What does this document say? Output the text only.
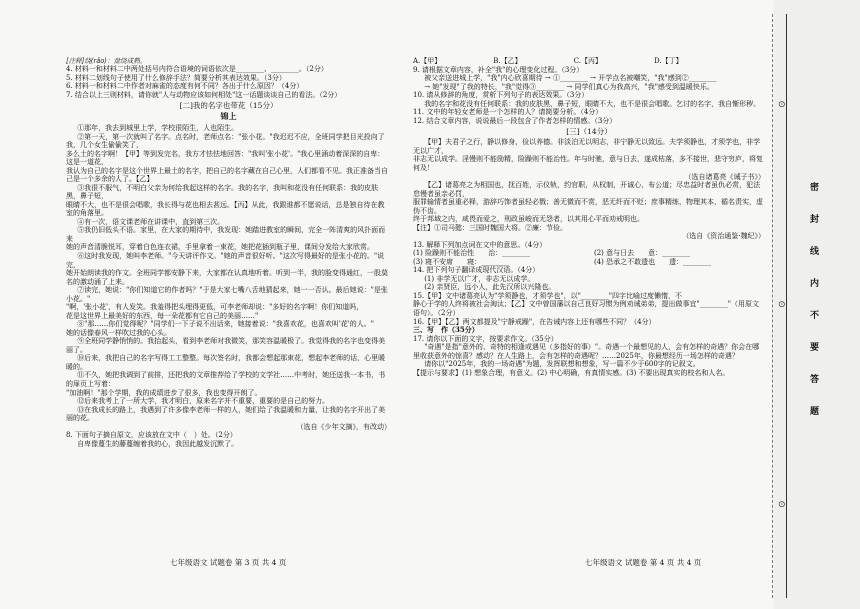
[注释]绕(rǎo)：盘绕成熟。

4. 材料一和材料二中两处括号内符合语境的词语依次是________、________。（2分）

5. 材料二划线句子使用了什么修辞手法？简要分析其表达效果。（3分）

6. 材料一和材料二中作者对麻雀的态度有何不同？各出于什么原因？（4分）

7. 结合以上三则材料，请你就"人与动物应该如何相处"这一话题谈谈自己的看法。（2分）

[二]我的名字也带花（15分）

锦上

①那年，我去到城里上学，学校很陌生，人也陌生。

②第一天，第一次就叫了名字。点名时，老师点名："张小花。"我迟迟不应，全班同学把目光投向了我，几个女生偷偷笑了，

多么土的名字啊！【甲】等到发完名，我方才怯怯地回答："我叫'张小花'。"我心里涌动着深深的自卑：这是一道花，

我认为自己的名字是这个世界上最土的名字，把自己的名字藏在自己心里，人们都看不见。我正准备当自己是一个多余的人了。【乙】

③我很不服气，不明白父亲为何给我起这样的名字。我的名字，我叫和花没有任何联系：我的皮肤黑，鼻子短，

眼睛不大，也不是很会唱歌，我长得与花也相去甚远。【丙】从此，我跟谁都不愿说话，总是独自待在教室的角落里。

④有一次，语文课老师在讲课中，直到第三次。

⑤我仍旧低头不语。家里，在大家的期待中，我发现：她踏进教室的瞬间，完全一阵清爽的风扑面而来

她的声音清脆悦耳，穿着白色连衣裙，手里拿着一束花，她把花插到瓶子里，课间分发给大家欣赏。

⑥这时我发现，她叫李老师。"今天讲评作文。"她的声音很好听。"这次写得最好的是张小花的。"说完，

她开始朗读我的作文。全班同学都安静下来，大家都在认真地听着。听到一半，我的脸变得通红，一股莫名的激动涌了上来。

⑦读完，她说："你们知道它的作者吗？"于是大家七嘴八舌地猜起来，她一一否认。最后她说："是张小花。"

"啊，'张小花'，有人发笑。我羞得把头埋得更低，可李老师却说："多好的名字啊！你们知道吗，

花是这世界上最美好的东西，每一朵花都有它自己的美丽……"

⑧"那……你们觉得呢？"同学们一下子说不出话来，她接着说："我喜欢花，也喜欢叫'花'的人。"

她的话像春风一样吹过我的心头。

⑨全班同学静悄悄的。我抬起头，看到李老师对我微笑，那笑容温暖极了。我觉得我的名字也变得美丽了。

⑩后来，我把自己的名字写得工工整整。每次签名时，我都会想起那束花，想起李老师的话，心里暖暖的。

⑪不久，她把我调到了前排，还把我的文章推荐给了学校的文学社……中考时，她还送我一本书，书的扉页上写着：

"加油啊！"那个学期，我的成绩进步了很多，我也变得开朗了。

⑫后来我考上了一所大学，我才明白，原来名字并不重要，重要的是自己的努力。

⑬在我成长的路上，我遇到了许多像李老师一样的人，她们给了我温暖和力量，让我的名字开出了美丽的花。

（选自《少年文摘》，有改动）

8. 下面句子摘自原文，应该放在文中（　）处。（2分）

自卑像蔓生的藤蔓缠着我的心，我因此越发沉默了。

七年级语文 试题卷 第 3 页 共 4 页
A.【甲】	B.【乙】	C.【丙】	D.【丁】

9. 请根据文章内容，补全"我"的心理变化过程。（3分）

被父亲送进城上学，"我"内心欣喜期待 → ①________ → 开学点名被嘲笑，"我"感到②________

→ 她"发现"了我的特长，"我"觉得③________ → 同学们真心为我高兴，"我"感受到温暖快乐。

10. 请从修辞的角度，赏析下列句子的表达效果。（3分）

我的名字和花没有任何联系：我的皮肤黑，鼻子短，眼睛不大，也不是很会唱歌。乞讨的名字，我自惭形秽。

11. 文中的年轻女老师是一个怎样的人？请简要分析。（4分）

12. 结合文章内容，说说最后一段包含了作者怎样的情感。（3分）

[三]（14分）

【甲】夫君子之行，静以修身，俭以养德。非淡泊无以明志，非宁静无以致远。夫学须静也，才须学也，非学无以广才，

非志无以成学。淫慢则不能励精，险躁则不能治性。年与时驰，意与日去，遂成枯落，多不接世，悲守穷庐，将复何及！

（选自诸葛亮《诫子书》）

【乙】诸葛亮之为相国也，抚百姓，示仪轨，约官职，从权制，开诚心，布公道；尽忠益时者虽仇必赏，犯法怠慢者虽亲必罚，

服罪输情者虽重必释，游辞巧饰者虽轻必戮；善无微而不赏，恶无纤而不贬；庶事精练，物理其本，循名责实，虚伪不齿。

终于邦域之内，咸畏而爱之，刑政虽峻而无怨者，以其用心平而劝戒明也。

【注】①司马懿：三国时魏国大将。②廉：节俭。

（选自《资治通鉴·魏纪》）

13. 解释下列加点词在文中的意思。（4分）

(1) 险躁则不能治性　　治：________	(2) 意与日去　　意：________
(3) 寝不安席　　寝：________	(4) 恐承之不敢遗也　　遗：________

14. 把下列句子翻译成现代汉语。（4分）

(1) 非学无以广才，非志无以成学。

(2) 亲贤臣，远小人，此先汉所以兴隆也。

15.【甲】文中诸葛亮认为"学须静也，才须学也"，以"________"四字比喻过度懒惰，不

静心于学的人终将被社会淘汰；【乙】文中曾国藩以自己良好习惯为例劝诫弟弟，提出做事宜"________"（用原文语句）。（2分）

16.【甲】【乙】两文都提及"宁静戒躁"，在告诫内容上还有哪些不同？（4分）

三、写　作（35分）

17. 请你以下面的文字，按要求作文。（35分）

"奇遇"是指"意外的、奇特的相逢或遇见（多指好的事）"。奇遇一个最想见的人，会有怎样的奇遇？你会在哪里收获意外的惊喜？感动？在人生路上，会有怎样的奇遇呢？……2025年，你最想经历一场怎样的奇遇？

请你以"2025年，我的一场奇遇"为题，发挥联想和想象，写一篇不少于600字的记叙文。

【提示与要求】(1) 想象合理，有意义。(2) 中心明确，有真情实感。(3) 不要出现真实的校名和人名。

七年级语文 试题卷 第 4 页 共 4 页
⊙
⊙
⊙
密
封
线
内
不
要
答
题
